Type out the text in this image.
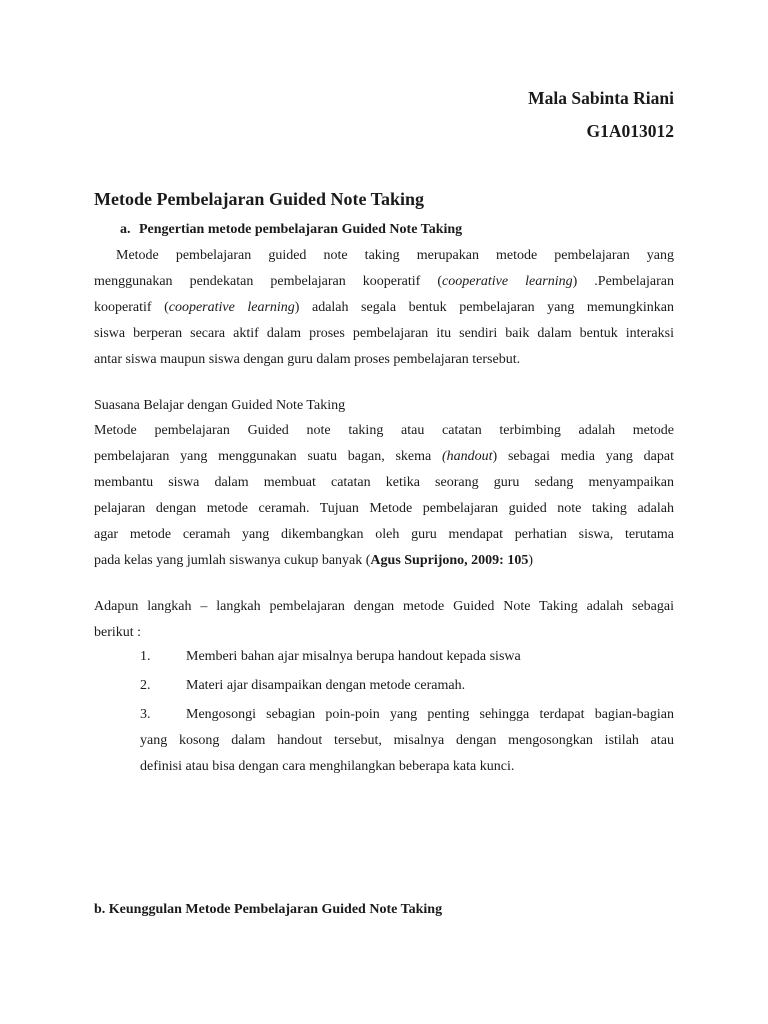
Mala Sabinta Riani
G1A013012
Metode Pembelajaran Guided Note Taking
a. Pengertian metode pembelajaran Guided Note Taking
Metode pembelajaran guided note taking merupakan metode pembelajaran yang
menggunakan pendekatan pembelajaran kooperatif (cooperative learning) .Pembelajaran
kooperatif (cooperative learning) adalah segala bentuk pembelajaran yang memungkinkan
siswa berperan secara aktif dalam proses pembelajaran itu sendiri baik dalam bentuk interaksi
antar siswa maupun siswa dengan guru dalam proses pembelajaran tersebut.
Suasana Belajar dengan Guided Note Taking
Metode pembelajaran Guided note taking atau catatan terbimbing adalah metode
pembelajaran yang menggunakan suatu bagan, skema (handout) sebagai media yang dapat
membantu siswa dalam membuat catatan ketika seorang guru sedang menyampaikan
pelajaran dengan metode ceramah. Tujuan Metode pembelajaran guided note taking adalah
agar metode ceramah yang dikembangkan oleh guru mendapat perhatian siswa, terutama
pada kelas yang jumlah siswanya cukup banyak (Agus Suprijono, 2009: 105)
Adapun langkah – langkah pembelajaran dengan metode Guided Note Taking adalah sebagai
berikut :
1.	Memberi bahan ajar misalnya berupa handout kepada siswa
2.	Materi ajar disampaikan dengan metode ceramah.
3.	Mengosongi sebagian poin-poin yang penting sehingga terdapat bagian-bagian
yang kosong dalam handout tersebut, misalnya dengan mengosongkan istilah atau
definisi atau bisa dengan cara menghilangkan beberapa kata kunci.
b. Keunggulan Metode Pembelajaran Guided Note Taking
